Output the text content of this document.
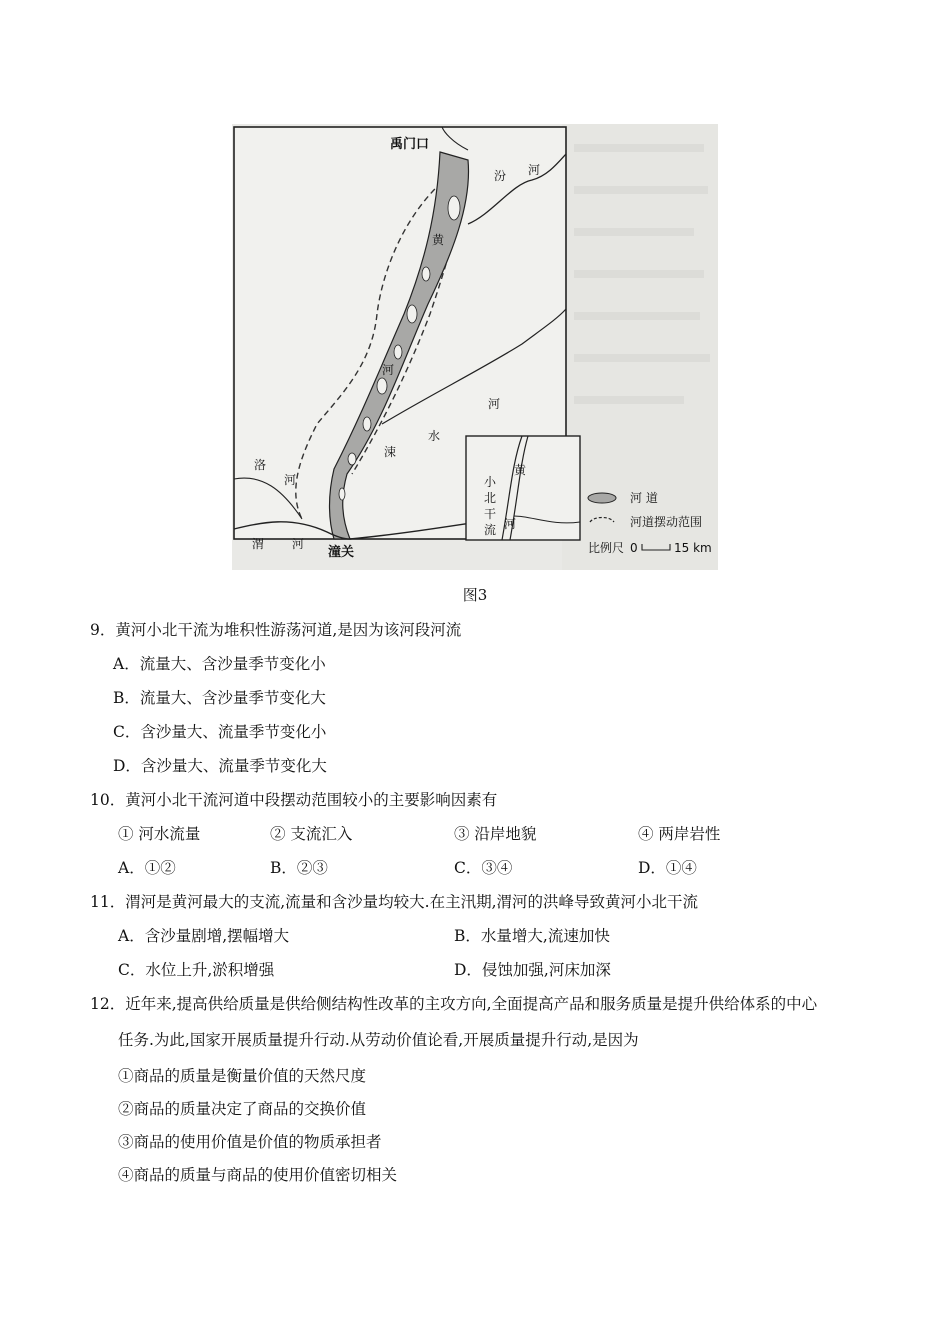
禹门口
汾 河
黄
河
河
水
涑
洛
河
渭 河
潼关
黄
河
小
北
干
流
河 道
河道摆动范围
比例尺 0	15 km
图3
9．黄河小北干流为堆积性游荡河道,是因为该河段河流
A．流量大、含沙量季节变化小
B．流量大、含沙量季节变化大
C．含沙量大、流量季节变化小
D．含沙量大、流量季节变化大
10．黄河小北干流河道中段摆动范围较小的主要影响因素有
① 河水流量	② 支流汇入	③ 沿岸地貌	④ 两岸岩性
A．①②	B．②③	C．③④	D．①④
11．渭河是黄河最大的支流,流量和含沙量均较大.在主汛期,渭河的洪峰导致黄河小北干流
A．含沙量剧增,摆幅增大	B．水量增大,流速加快
C．水位上升,淤积增强	D．侵蚀加强,河床加深
12．近年来,提高供给质量是供给侧结构性改革的主攻方向,全面提高产品和服务质量是提升供给体系的中心
任务.为此,国家开展质量提升行动.从劳动价值论看,开展质量提升行动,是因为
①商品的质量是衡量价值的天然尺度
②商品的质量决定了商品的交换价值
③商品的使用价值是价值的物质承担者
④商品的质量与商品的使用价值密切相关
